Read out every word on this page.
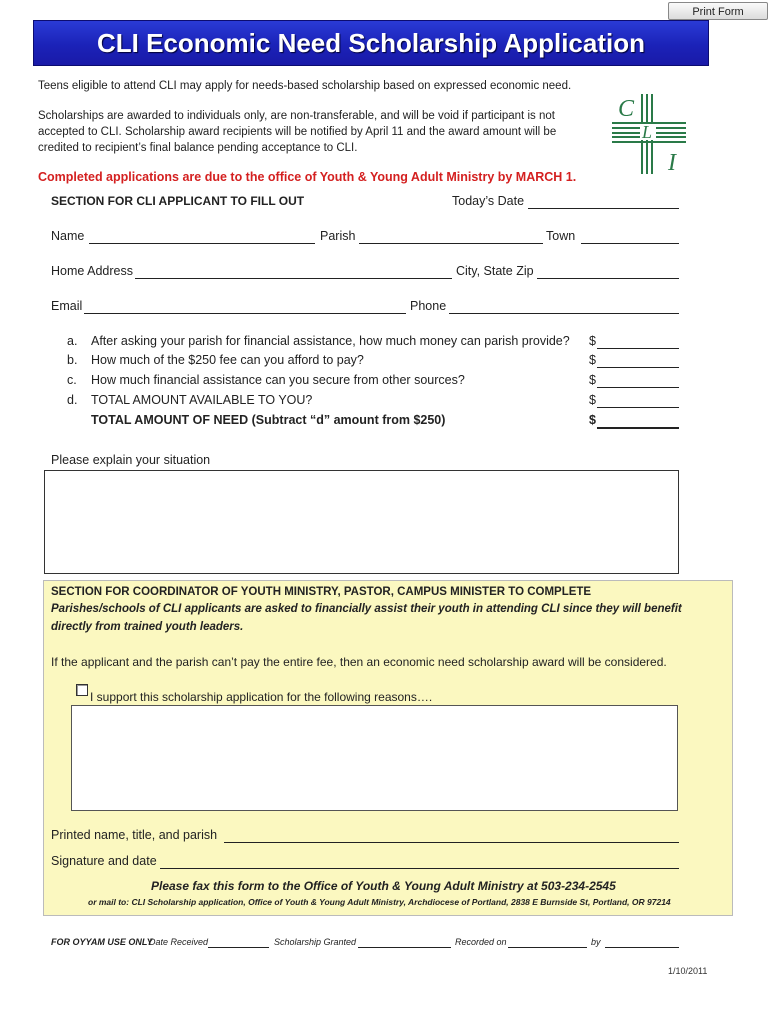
Print Form
CLI Economic Need Scholarship Application
Teens eligible to attend CLI may apply for needs-based scholarship based on expressed economic need.
Scholarships are awarded to individuals only, are non-transferable, and will be void if participant is not
accepted to CLI. Scholarship award recipients will be notified by April 11 and the award amount will be
credited to recipient’s final balance pending acceptance to CLI.
C
L
I
Completed applications are due to the office of Youth & Young Adult Ministry by MARCH 1.
SECTION FOR CLI APPLICANT TO FILL OUT	Today’s Date
Name	Parish	Town
Home Address	City, State Zip
Email	Phone
a. After asking your parish for financial assistance, how much money can parish provide? $
b. How much of the $250 fee can you afford to pay?	$
c. How much financial assistance can you secure from other sources?	$
d. TOTAL AMOUNT AVAILABLE TO YOU?	$
TOTAL AMOUNT OF NEED (Subtract “d” amount from $250)	$
Please explain your situation
SECTION FOR COORDINATOR OF YOUTH MINISTRY, PASTOR, CAMPUS MINISTER TO COMPLETE
Parishes/schools of CLI applicants are asked to financially assist their youth in attending CLI since they will benefit
directly from trained youth leaders.
If the applicant and the parish can’t pay the entire fee, then an economic need scholarship award will be considered.
I support this scholarship application for the following reasons….
Printed name, title, and parish
Signature and date
Please fax this form to the Office of Youth & Young Adult Ministry at 503-234-2545
or mail to: CLI Scholarship application, Office of Youth & Young Adult Ministry, Archdiocese of Portland, 2838 E Burnside St, Portland, OR 97214
FOR OYYAM USE ONLY
Date Received	Scholarship Granted	Recorded on	by
1/10/2011
